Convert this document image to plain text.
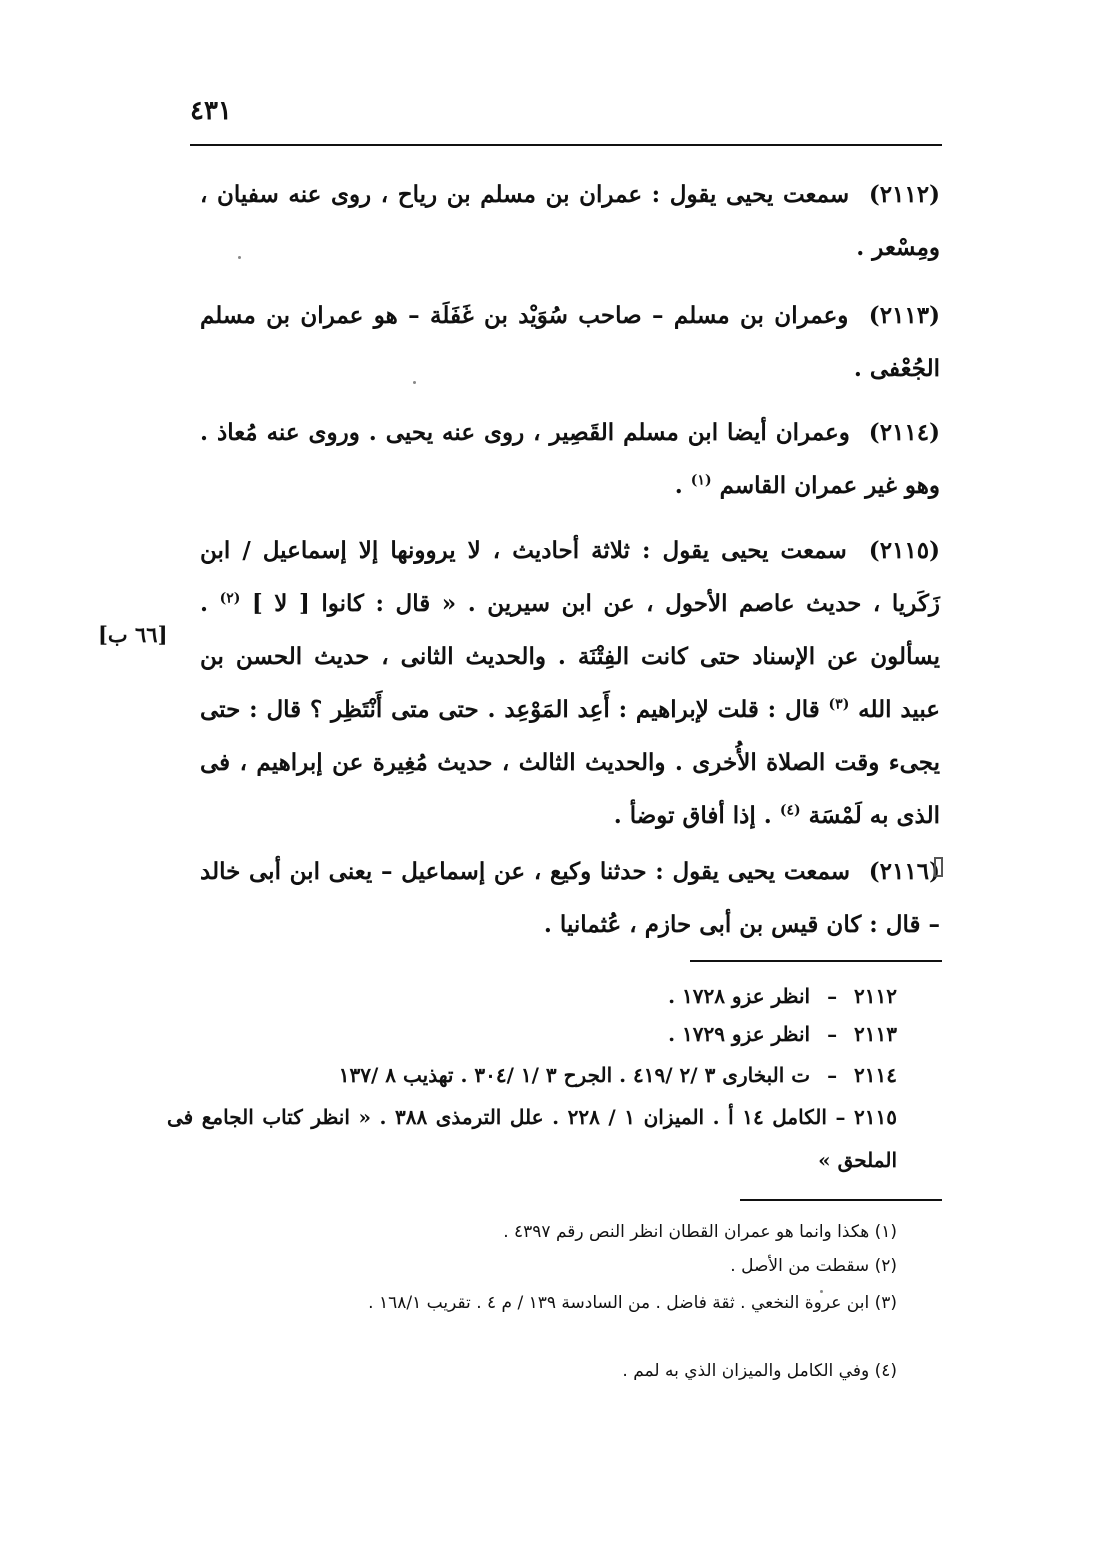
٤٣١
(٢١١٢) سمعت يحيى يقول : عمران بن مسلم بن رياح ، روى عنه سفيان ، ومِسْعر .
(٢١١٣) وعمران بن مسلم – صاحب سُوَيْد بن غَفَلَة – هو عمران بن مسلم الجُعْفى .
(٢١١٤) وعمران أيضا ابن مسلم القَصِير ، روى عنه يحيى . وروى عنه مُعاذ . وهو غير عمران القاسم $^{(١)}$ .
(٢١١٥) سمعت يحيى يقول : ثلاثة أحاديث ، لا يروونها إلا إسماعيل / ابن زَكَريا ، حديث عاصم الأحول ، عن ابن سيرين . « قال : كانوا [ لا ] $^{(٢)}$ . يسألون عن الإسناد حتى كانت الفِتْنَة . والحديث الثانى ، حديث الحسن بن عبيد الله $^{(٣)}$ قال : قلت لإبراهيم : أَعِد المَوْعِد . حتى متى أَنْتَظِر ؟ قال : حتى يجىء وقت الصلاة الأُخرى . والحديث الثالث ، حديث مُغِيرة عن إبراهيم ، فى الذى به لَمْسَة $^{(٤)}$ . إذا أفاق توضأ .
[٦٦ ب]
(٢١١٦) سمعت يحيى يقول : حدثنا وكيع ، عن إسماعيل – يعنى ابن أبى خالد – قال : كان قيس بن أبى حازم ، عُثمانيا .
٢١١٢ – انظر عزو ١٧٢٨ .
٢١١٣ – انظر عزو ١٧٢٩ .
٢١١٤ – ت البخارى ٣ /٢ /٤١٩ . الجرح ٣ /١ /٣٠٤ . تهذيب ٨ /١٣٧
٢١١٥ – الكامل ١٤ أ . الميزان ١ / ٢٢٨ . علل الترمذى ٣٨٨ . « انظر كتاب الجامع فى الملحق »
(١) هكذا وانما هو عمران القطان انظر النص رقم ٤٣٩٧ .
(٢) سقطت من الأصل .
(٣) ابن عروة النخعي . ثقة فاضل . من السادسة ١٣٩ / م ٤ . تقريب ١٦٨/١ .
(٤) وفي الكامل والميزان الذي به لمم .
